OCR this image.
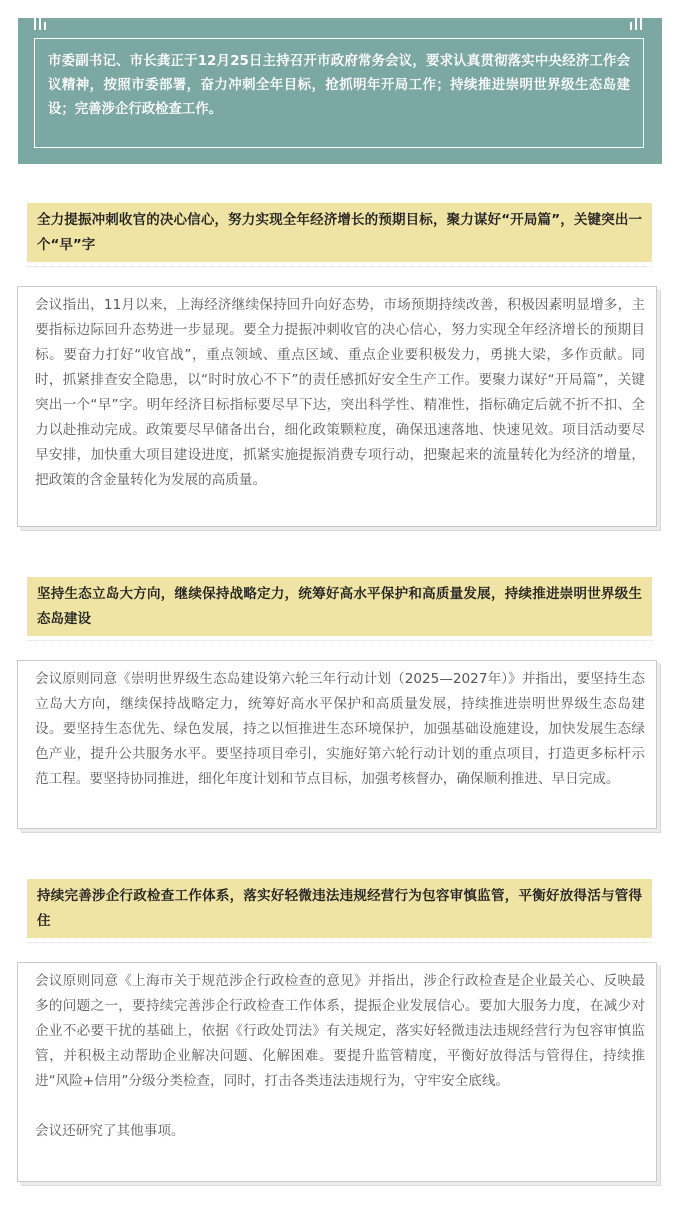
市委副书记、市长龚正于12月25日主持召开市政府常务会议，要求认真贯彻落实中央经济工作会议精神，按照市委部署，奋力冲刺全年目标，抢抓明年开局工作；持续推进崇明世界级生态岛建设；完善涉企行政检查工作。

全力提振冲刺收官的决心信心，努力实现全年经济增长的预期目标，聚力谋好“开局篇”，关键突出一个“早”字

会议指出，11月以来，上海经济继续保持回升向好态势，市场预期持续改善，积极因素明显增多，主要指标边际回升态势进一步显现。要全力提振冲刺收官的决心信心，努力实现全年经济增长的预期目标。要奋力打好“收官战”，重点领域、重点区域、重点企业要积极发力，勇挑大梁，多作贡献。同时，抓紧排查安全隐患，以“时时放心不下”的责任感抓好安全生产工作。要聚力谋好“开局篇”，关键突出一个“早”字。明年经济目标指标要尽早下达，突出科学性、精准性，指标确定后就不折不扣、全力以赴推动完成。政策要尽早储备出台，细化政策颗粒度，确保迅速落地、快速见效。项目活动要尽早安排，加快重大项目建设进度，抓紧实施提振消费专项行动，把聚起来的流量转化为经济的增量，把政策的含金量转化为发展的高质量。

坚持生态立岛大方向，继续保持战略定力，统筹好高水平保护和高质量发展，持续推进崇明世界级生态岛建设

会议原则同意《崇明世界级生态岛建设第六轮三年行动计划（2025—2027年）》并指出，要坚持生态立岛大方向，继续保持战略定力，统筹好高水平保护和高质量发展，持续推进崇明世界级生态岛建设。要坚持生态优先、绿色发展，持之以恒推进生态环境保护，加强基础设施建设，加快发展生态绿色产业，提升公共服务水平。要坚持项目牵引，实施好第六轮行动计划的重点项目，打造更多标杆示范工程。要坚持协同推进，细化年度计划和节点目标，加强考核督办，确保顺利推进、早日完成。

持续完善涉企行政检查工作体系，落实好轻微违法违规经营行为包容审慎监管，平衡好放得活与管得住

会议原则同意《上海市关于规范涉企行政检查的意见》并指出，涉企行政检查是企业最关心、反映最多的问题之一，要持续完善涉企行政检查工作体系，提振企业发展信心。要加大服务力度，在减少对企业不必要干扰的基础上，依据《行政处罚法》有关规定，落实好轻微违法违规经营行为包容审慎监管，并积极主动帮助企业解决问题、化解困难。要提升监管精度，平衡好放得活与管得住，持续推进“风险+信用”分级分类检查，同时，打击各类违法违规行为，守牢安全底线。

会议还研究了其他事项。
